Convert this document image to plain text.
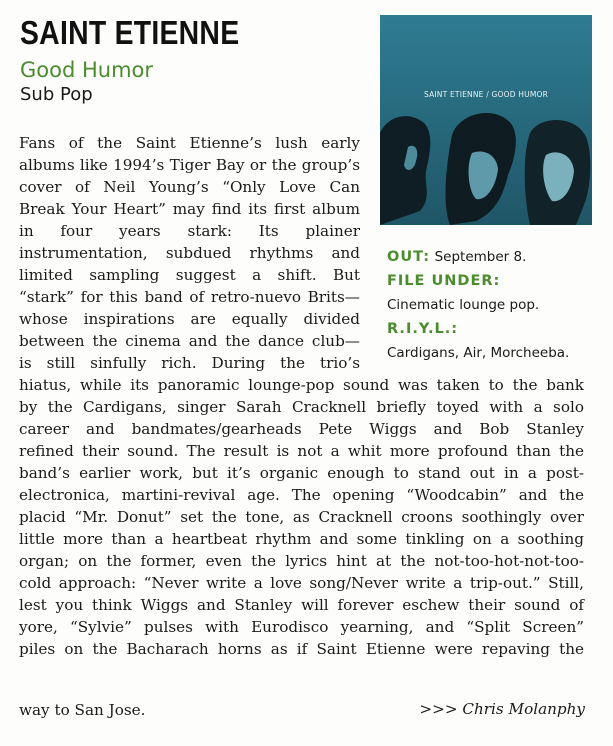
SAINT ETIENNE
Good Humor
Sub Pop	SAINT ETIENNE / GOOD HUMOR
OUT: September 8.
FILE UNDER:
Cinematic lounge pop.
R.I.Y.L.:
Cardigans, Air, Morcheeba.
Fans of the Saint Etienne’s lush early
albums like 1994’s Tiger Bay or the group’s
cover of Neil Young’s “Only Love Can
Break Your Heart” may find its first album
in four years stark: Its plainer
instrumentation, subdued rhythms and
limited sampling suggest a shift. But
“stark” for this band of retro-nuevo Brits—
whose inspirations are equally divided
between the cinema and the dance club—
is still sinfully rich. During the trio’s
hiatus, while its panoramic lounge-pop sound was taken to the bank
by the Cardigans, singer Sarah Cracknell briefly toyed with a solo
career and bandmates/gearheads Pete Wiggs and Bob Stanley
refined their sound. The result is not a whit more profound than the
band’s earlier work, but it’s organic enough to stand out in a post-
electronica, martini-revival age. The opening “Woodcabin” and the
placid “Mr. Donut” set the tone, as Cracknell croons soothingly over
little more than a heartbeat rhythm and some tinkling on a soothing
organ; on the former, even the lyrics hint at the not-too-hot-not-too-
cold approach: “Never write a love song/Never write a trip-out.” Still,
lest you think Wiggs and Stanley will forever eschew their sound of
yore, “Sylvie” pulses with Eurodisco yearning, and “Split Screen”
piles on the Bacharach horns as if Saint Etienne were repaving the
way to San Jose.	>>> Chris Molanphy
